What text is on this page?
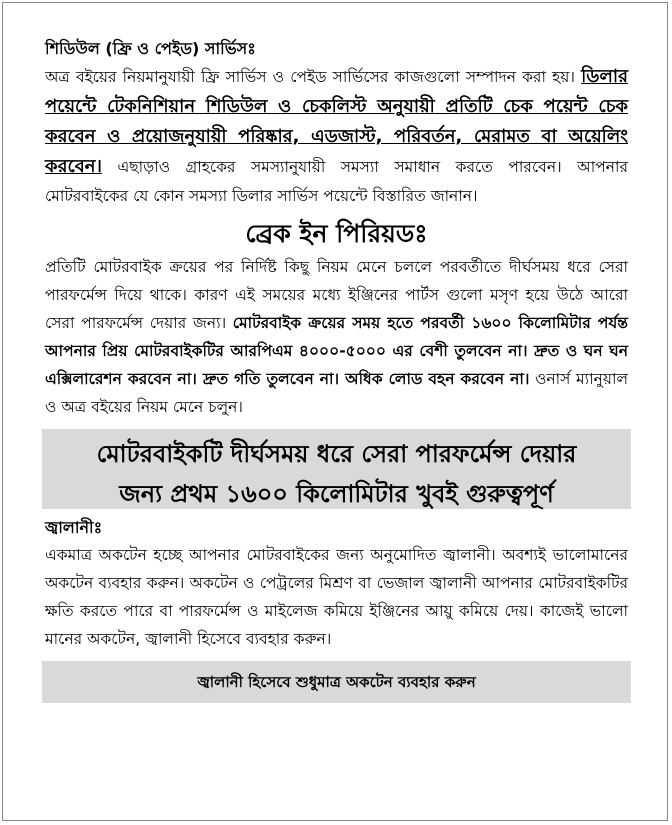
শিডিউল (ফ্রি ও পেইড) সার্ভিসঃ

অত্র বইয়ের নিয়মানুযায়ী ফ্রি সার্ভিস ও পেইড সার্ভিসের কাজগুলো সম্পাদন করা হয়। ডিলার পয়েন্টে টেকনিশিয়ান শিডিউল ও চেকলিস্ট অনুযায়ী প্রতিটি চেক পয়েন্ট চেক করবেন ও প্রয়োজনুযায়ী পরিষ্কার, এডজাস্ট, পরিবর্তন, মেরামত বা অয়েলিং করবেন। এছাড়াও গ্রাহকের সমস্যানুযায়ী সমস্যা সমাধান করতে পারবেন। আপনার মোটরবাইকের যে কোন সমস্যা ডিলার সার্ভিস পয়েন্টে বিস্তারিত জানান।

ব্রেক ইন পিরিয়ডঃ

প্রতিটি মোটরবাইক ক্রয়ের পর নির্দিষ্ট কিছু নিয়ম মেনে চললে পরবর্তীতে দীর্ঘসময় ধরে সেরা পারফর্মেন্স দিয়ে থাকে। কারণ এই সময়ের মধ্যে ইঞ্জিনের পার্টস গুলো মসৃণ হয়ে উঠে আরো সেরা পারফর্মেন্স দেয়ার জন্য। মোটরবাইক ক্রয়ের সময় হতে পরবর্তী ১৬০০ কিলোমিটার পর্যন্ত আপনার প্রিয় মোটরবাইকটির আরপিএম ৪০০০-৫০০০ এর বেশী তুলবেন না। দ্রুত ও ঘন ঘন এক্সিলারেশন করবেন না। দ্রুত গতি তুলবেন না। অধিক লোড বহন করবেন না। ওনার্স ম্যানুয়াল ও অত্র বইয়ের নিয়ম মেনে চলুন।

মোটরবাইকটি দীর্ঘসময় ধরে সেরা পারফর্মেন্স দেয়ার
জন্য প্রথম ১৬০০ কিলোমিটার খুবই গুরুত্বপূর্ণ

জ্বালানীঃ

একমাত্র অকটেন হচ্ছে আপনার মোটরবাইকের জন্য অনুমোদিত জ্বালানী। অবশ্যই ভালোমানের অকটেন ব্যবহার করুন। অকটেন ও পেট্রলের মিশ্রণ বা ভেজাল জ্বালানী আপনার মোটরবাইকটির ক্ষতি করতে পারে বা পারফর্মেন্স ও মাইলেজ কমিয়ে ইঞ্জিনের আয়ু কমিয়ে দেয়। কাজেই ভালো মানের অকটেন, জ্বালানী হিসেবে ব্যবহার করুন।

জ্বালানী হিসেবে শুধুমাত্র অকটেন ব্যবহার করুন
